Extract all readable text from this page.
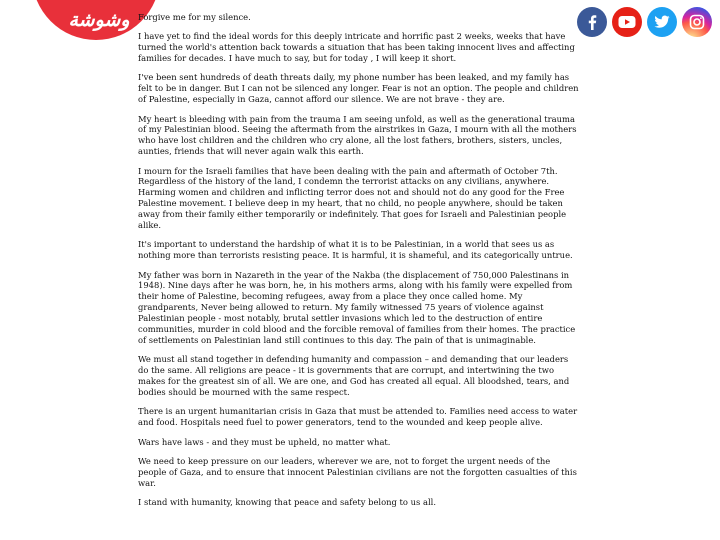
وشوشة Forgive me for my silence.

I have yet to find the ideal words for this deeply intricate and horrific past 2 weeks, weeks that have turned the world's attention back towards a situation that has been taking innocent lives and affecting families for decades. I have much to say, but for today , I will keep it short.

I've been sent hundreds of death threats daily, my phone number has been leaked, and my family has felt to be in danger. But I can not be silenced any longer. Fear is not an option. The people and children of Palestine, especially in Gaza, cannot afford our silence. We are not brave - they are.

My heart is bleeding with pain from the trauma I am seeing unfold, as well as the generational trauma of my Palestinian blood. Seeing the aftermath from the airstrikes in Gaza, I mourn with all the mothers who have lost children and the children who cry alone, all the lost fathers, brothers, sisters, uncles, aunties, friends that will never again walk this earth.

I mourn for the Israeli families that have been dealing with the pain and aftermath of October 7th. Regardless of the history of the land, I condemn the terrorist attacks on any civilians, anywhere. Harming women and children and inflicting terror does not and should not do any good for the Free Palestine movement. I believe deep in my heart, that no child, no people anywhere, should be taken away from their family either temporarily or indefinitely. That goes for Israeli and Palestinian people alike.

It's important to understand the hardship of what it is to be Palestinian, in a world that sees us as nothing more than terrorists resisting peace. It is harmful, it is shameful, and its categorically untrue.

My father was born in Nazareth in the year of the Nakba (the displacement of 750,000 Palestinans in 1948). Nine days after he was born, he, in his mothers arms, along with his family were expelled from their home of Palestine, becoming refugees, away from a place they once called home. My grandparents, Never being allowed to return. My family witnessed 75 years of violence against Palestinian people - most notably, brutal settler invasions which led to the destruction of entire communities, murder in cold blood and the forcible removal of families from their homes. The practice of settlements on Palestinian land still continues to this day. The pain of that is unimaginable.

We must all stand together in defending humanity and compassion – and demanding that our leaders do the same. All religions are peace - it is governments that are corrupt, and intertwining the two makes for the greatest sin of all. We are one, and God has created all equal. All bloodshed, tears, and bodies should be mourned with the same respect.

There is an urgent humanitarian crisis in Gaza that must be attended to. Families need access to water and food. Hospitals need fuel to power generators, tend to the wounded and keep people alive.

Wars have laws - and they must be upheld, no matter what.

We need to keep pressure on our leaders, wherever we are, not to forget the urgent needs of the people of Gaza, and to ensure that innocent Palestinian civilians are not the forgotten casualties of this war.

I stand with humanity, knowing that peace and safety belong to us all.
